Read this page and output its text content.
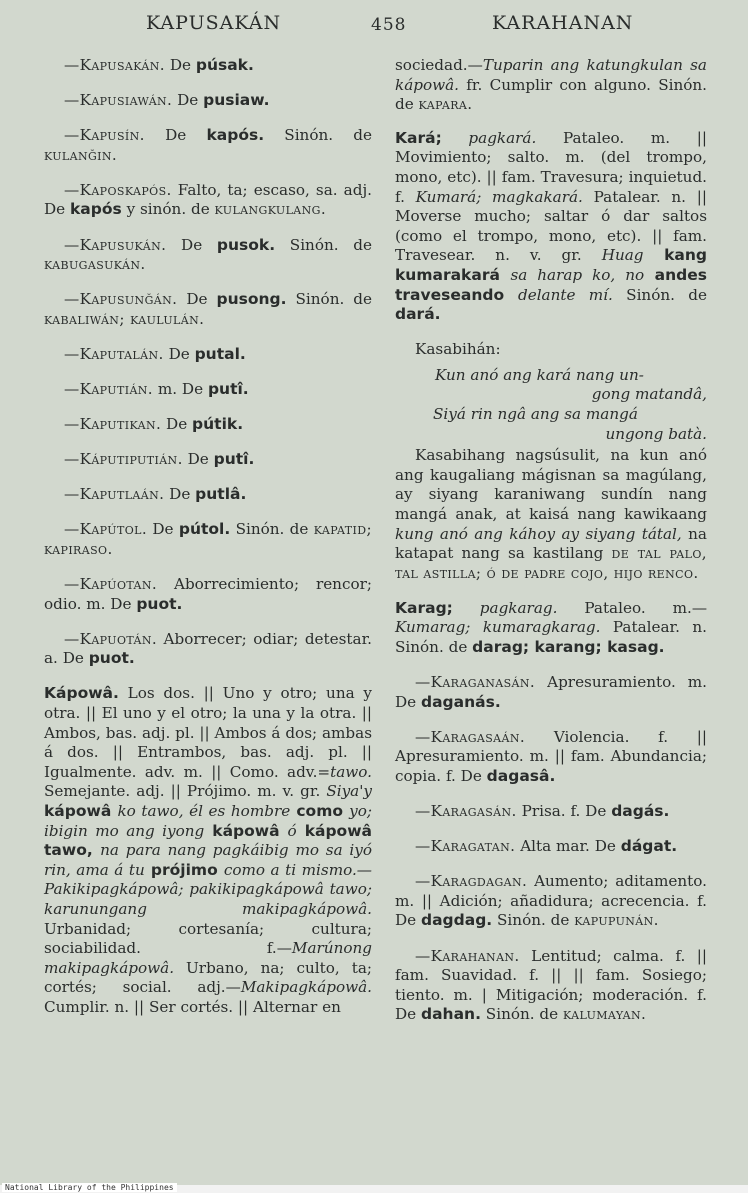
KAPUSAKÁN	458	KARAHANAN

—Kapusakán. De púsak.

—Kapusiawán. De pusiaw.

—Kapusín. De kapós. Sinón. de kulanğin.

—Kaposkapós. Falto, ta; escaso, sa. adj. De kapós y sinón. de kulangkulang.

—Kapusukán. De pusok. Sinón. de kabugasukán.

—Kapusunğán. De pusong. Sinón. de kabaliwán; kaululán.

—Kaputalán. De putal.

—Kaputián. m. De putî.

—Kaputikan. De pútik.

—Káputiputián. De putî.

—Kaputlaán. De putlâ.

—Kapútol. De pútol. Sinón. de kapatid; kapiraso.

—Kapúotan. Aborrecimiento; rencor; odio. m. De puot.

—Kapuotán. Aborrecer; odiar; detestar. a. De puot.

Kápowâ. Los dos. || Uno y otro; una y otra. || El uno y el otro; la una y la otra. || Ambos, bas. adj. pl. || Ambos á dos; ambas á dos. || Entrambos, bas. adj. pl. || Igualmente. adv. m. || Como. adv.=tawo. Semejante. adj. || Prójimo. m. v. gr. Siya'y kápowâ ko tawo, él es hombre como yo; ibigin mo ang iyong kápowâ ó kápowâ tawo, na para nang pagkáibig mo sa iyó rin, ama á tu prójimo como a ti mismo.—Pakikipagkápowâ; pakikipagkápowâ tawo; karunungang makipagkápowâ. Urbanidad; cortesanía; cultura; sociabilidad. f.—Marúnong makipagkápowâ. Urbano, na; culto, ta; cortés; social. adj.—Makipagkápowâ. Cumplir. n. || Ser cortés. || Alternar en

sociedad.—Tuparin ang katungkulan sa kápowâ. fr. Cumplir con alguno. Sinón. de kapara.

Kará; pagkará. Pataleo. m. || Movimiento; salto. m. (del trompo, mono, etc). || fam. Travesura; inquietud. f. Kumará; magkakará. Patalear. n. || Moverse mucho; saltar ó dar saltos (como el trompo, mono, etc). || fam. Travesear. n. v. gr. Huag kang kumarakará sa harap ko, no andes traveseando delante mí. Sinón. de dará.

Kasabihán:
Kun anó ang kará nang un-
gong matandâ,
Siyá rin ngâ ang sa mangá
ungong batà.
Kasabihang nagsúsulit, na kun anó ang kaugaliang mágisnan sa magúlang, ay siyang karaniwang sundín nang mangá anak, at kaisá nang kawikaang kung anó ang káhoy ay siyang tátal, na katapat nang sa kastilang de tal palo, tal astilla; ó de padre cojo, hijo renco.

Karag; pagkarag. Pataleo. m.—Kumarag; kumaragkarag. Patalear. n. Sinón. de darag; karang; kasag.

—Karaganasán. Apresuramiento. m. De daganás.

—Karagasaán. Violencia. f. || Apresuramiento. m. || fam. Abundancia; copia. f. De dagasâ.

—Karagasán. Prisa. f. De dagás.

—Karagatan. Alta mar. De dágat.

—Karagdagan. Aumento; aditamento. m. || Adición; añadidura; acrecencia. f. De dagdag. Sinón. de kapupunán.

—Karahanan. Lentitud; calma. f. || fam. Suavidad. f. || || fam. Sosiego; tiento. m. | Mitigación; moderación. f. De dahan. Sinón. de kalumayan.

National Library of the Philippines
